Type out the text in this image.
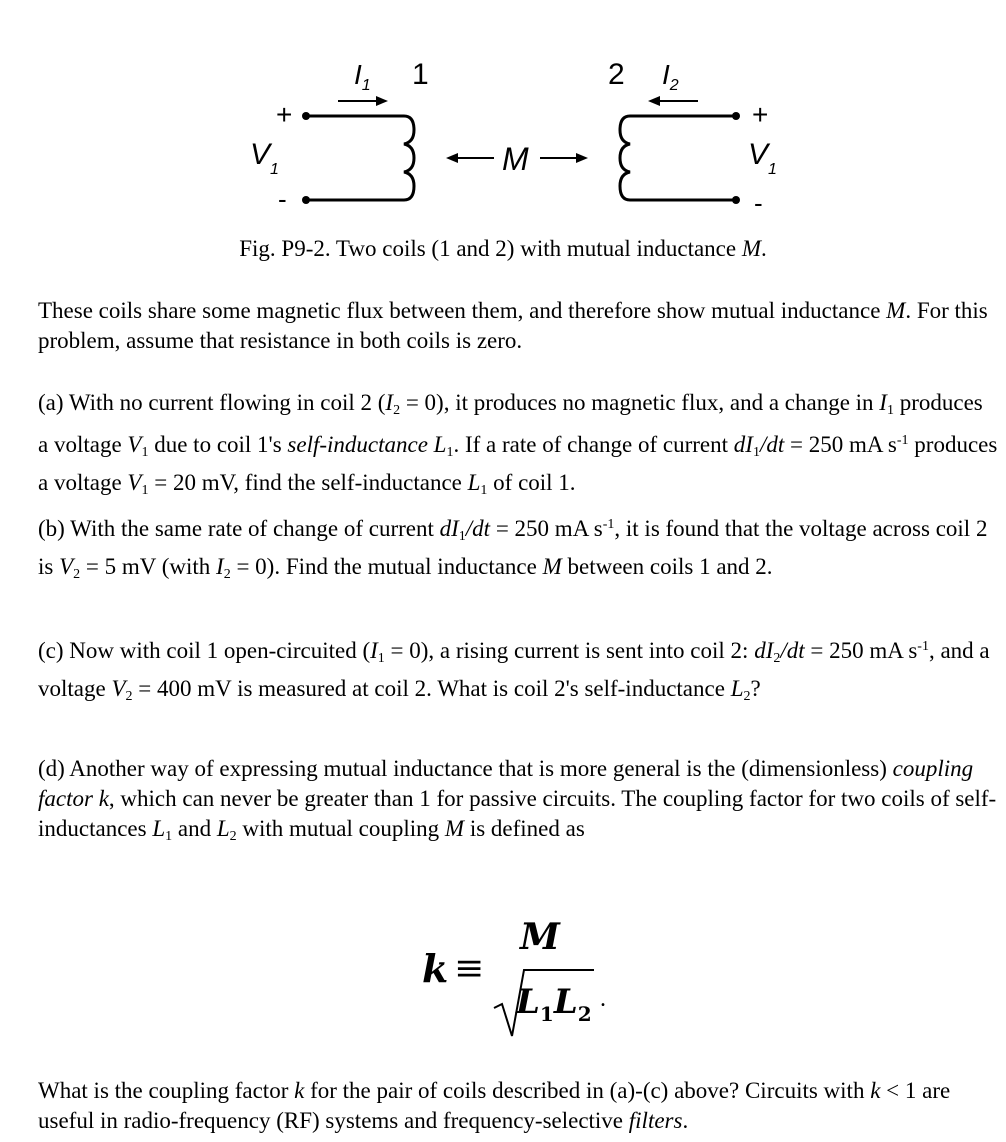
$I_1$ 1	2 $I_2$
+	+
$V_1$	$V_1$
-	-
M
Fig. P9-2. Two coils (1 and 2) with mutual inductance M.

These coils share some magnetic flux between them, and therefore show mutual inductance M. For this problem, assume that resistance in both coils is zero.

(a) With no current flowing in coil 2 $(I_2 = 0)$, it produces no magnetic flux, and a change in $I_1$ produces a voltage $V_1$ due to coil 1's self-inductance $L_1$. If a rate of change of current $dI_1/dt = 250$ mA $s^{-1}$ produces a voltage $V_1 = 20$ mV, find the self-inductance $L_1$ of coil 1.

(b) With the same rate of change of current $dI_1/dt = 250$ mA $s^{-1}$, it is found that the voltage across coil 2 is $V_2 = 5$ mV (with $I_2 = 0$). Find the mutual inductance M between coils 1 and 2.

(c) Now with coil 1 open-circuited $(I_1 = 0)$, a rising current is sent into coil 2: $dI_2/dt = 250$ mA $s^{-1}$, and a voltage $V_2 = 400$ mV is measured at coil 2. What is coil 2's self-inductance $L_2$?

(d) Another way of expressing mutual inductance that is more general is the (dimensionless) coupling factor k, which can never be greater than 1 for passive circuits. The coupling factor for two coils of self-inductances $L_1$ and $L_2$ with mutual coupling M is defined as

k ≡
M
$L_1L_2$
.

What is the coupling factor k for the pair of coils described in (a)-(c) above? Circuits with k < 1 are useful in radio-frequency (RF) systems and frequency-selective filters.
